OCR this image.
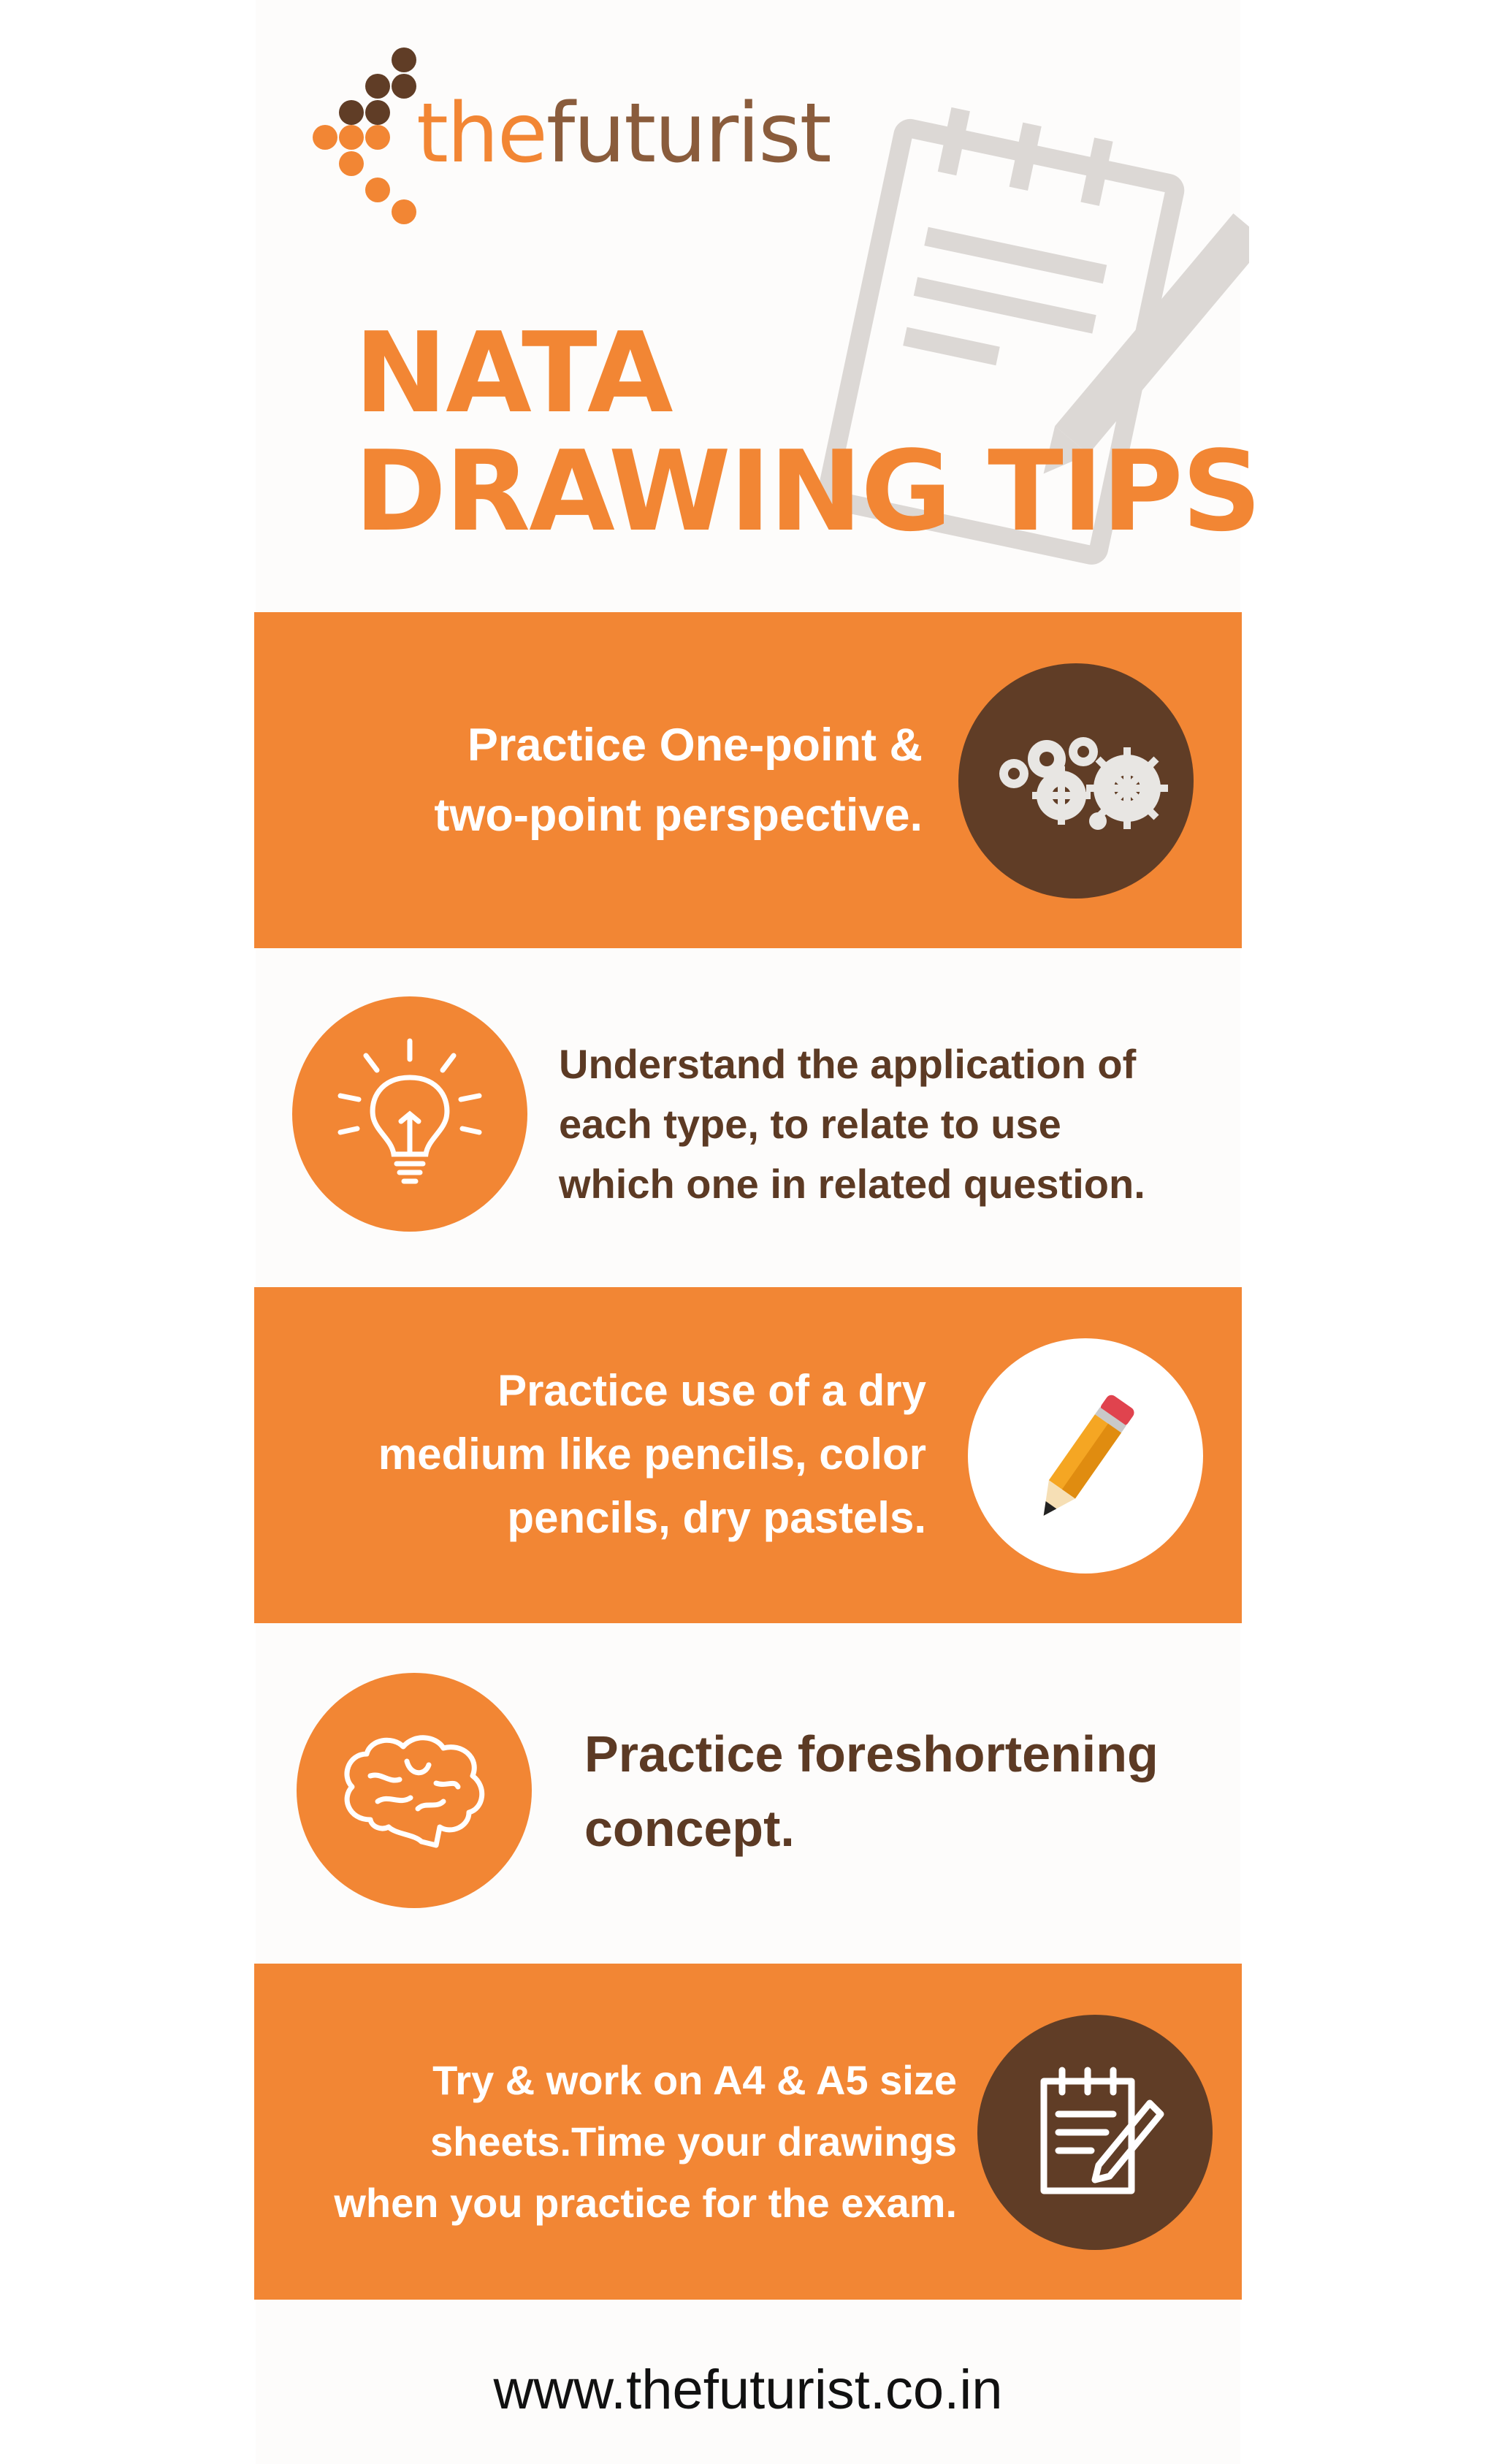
thefuturist
NATA
DRAWING TIPS
Practice One-point &
two-point perspective.
Understand the application of
each type, to relate to use
which one in related question.
Practice use of a dry
medium like pencils, color
pencils, dry pastels.
Practice foreshortening
concept.
Try & work on A4 & A5 size
sheets.Time your drawings
when you practice for the exam.
www.thefuturist.co.in
